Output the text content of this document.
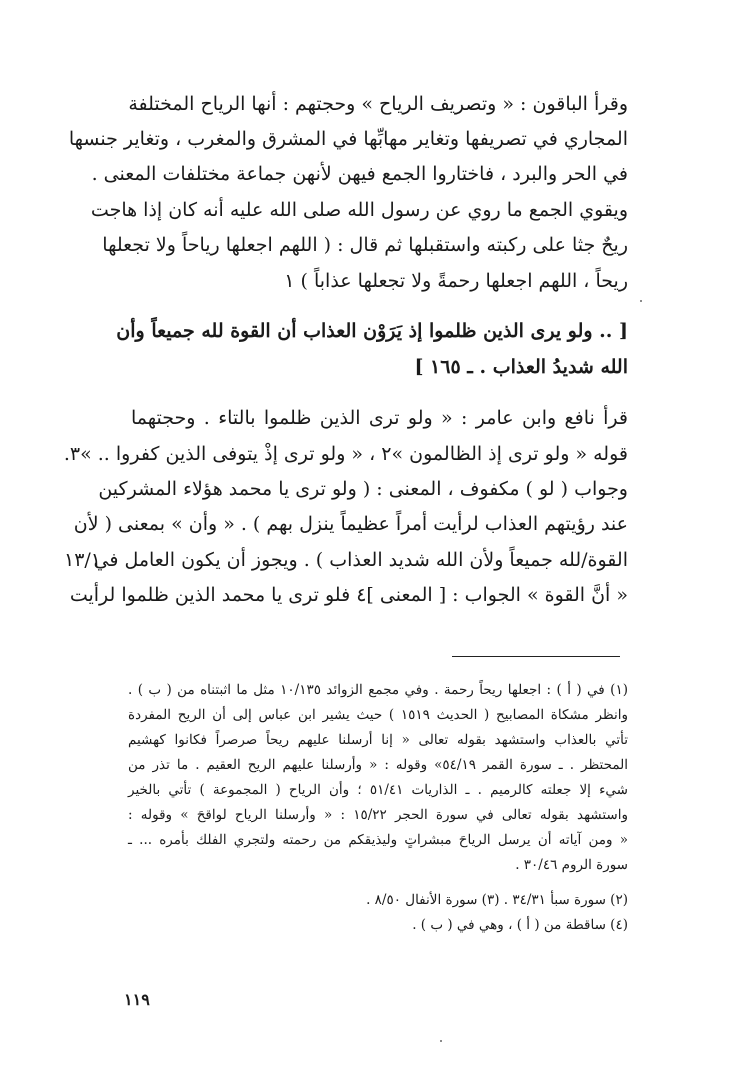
وقرأ الباقون : « وتصريف الرياح » وحجتهم : أنها الرياح المختلفة
المجاري في تصريفها وتغاير مهابِّها في المشرق والمغرب ، وتغاير جنسها
في الحر والبرد ، فاختاروا الجمع فيهن لأنهن جماعة مختلفات المعنى .
ويقوي الجمع ما روي عن رسول الله صلى الله عليه أنه كان إذا هاجت
ريحٌ جثا على ركبته واستقبلها ثم قال : ( اللهم اجعلها رياحاً ولا تجعلها
ريحاً ، اللهم اجعلها رحمةً ولا تجعلها عذاباً ) ١
[ .. ولو يرى الذين ظلموا إذ يَرَوْن العذاب أن القوة لله جميعاً وأن
الله شديدُ العذاب . ـ ١٦٥ ]
قرأ نافع وابن عامر : « ولو ترى الذين ظلموا بالتاء . وحجتهما
قوله « ولو ترى إذ الظالمون »٢ ، « ولو ترى إذْ يتوفى الذين كفروا .. »٣.
وجواب ( لو ) مكفوف ، المعنى : ( ولو ترى يا محمد هؤلاء المشركين
عند رؤيتهم العذاب لرأيت أمراً عظيماً ينزل بهم ) . « وأن » بمعنى ( لأن
القوة/لله جميعاً ولأن الله شديد العذاب ) . ويجوز أن يكون العامل في
« أنَّ القوة » الجواب : [ المعنى ]٤ فلو ترى يا محمد الذين ظلموا لرأيت
١٣/١
(١) في ( أ ) : اجعلها ريحاً رحمة . وفي مجمع الزوائد ١٠/١٣٥ مثل ما اثبتناه من ( ب ) .
وانظر مشكاة المصابيح ( الحديث ١٥١٩ ) حيث يشير ابن عباس إلى أن الريح المفردة
تأتي بالعذاب واستشهد بقوله تعالى « إنا أرسلنا عليهم ريحاً صرصراً فكانوا كهشيم
المحتظر . ـ سورة القمر ٥٤/١٩» وقوله : « وأرسلنا عليهم الريح العقيم . ما تذر من
شيء إلا جعلته كالرميم . ـ الذاريات ٥١/٤١ ؛ وأن الرياح ( المجموعة ) تأتي بالخير
واستشهد بقوله تعالى في سورة الحجر ١٥/٢٢ : « وأرسلنا الرياح لواقحَ » وقوله :
« ومن آياته أن يرسل الرياحَ مبشراتٍ وليذيقكم من رحمته ولتجري الفلك بأمره ... ـ
سورة الروم ٣٠/٤٦ .
(٢) سورة سبأ ٣٤/٣١ . (٣) سورة الأنفال ٨/٥٠ .
(٤) ساقطة من ( أ ) ، وهي في ( ب ) .
١١٩
